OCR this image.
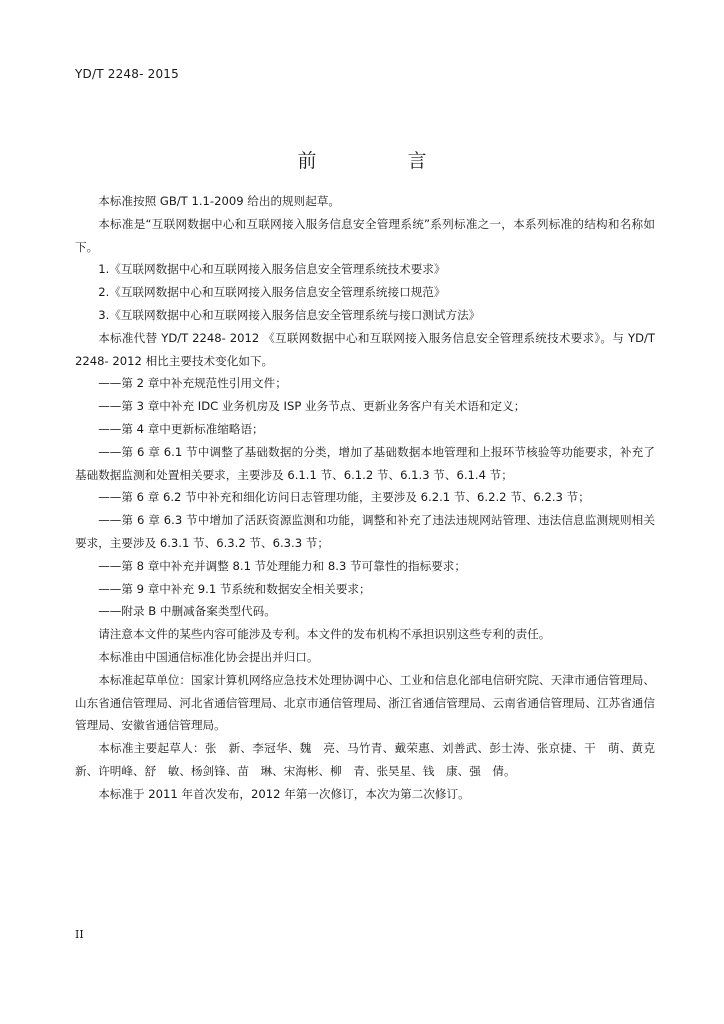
YD/T 2248- 2015
前　言

本标准按照 GB/T 1.1-2009 给出的规则起草。

本标准是“互联网数据中心和互联网接入服务信息安全管理系统”系列标准之一，本系列标准的结构和名称如下。

1.《互联网数据中心和互联网接入服务信息安全管理系统技术要求》

2.《互联网数据中心和互联网接入服务信息安全管理系统接口规范》

3.《互联网数据中心和互联网接入服务信息安全管理系统与接口测试方法》

本标准代替 YD/T 2248- 2012 《互联网数据中心和互联网接入服务信息安全管理系统技术要求》。与 YD/T 2248- 2012 相比主要技术变化如下。

——第 2 章中补充规范性引用文件；

——第 3 章中补充 IDC 业务机房及 ISP 业务节点、更新业务客户有关术语和定义；

——第 4 章中更新标准缩略语；

——第 6 章 6.1 节中调整了基础数据的分类，增加了基础数据本地管理和上报环节核验等功能要求，补充了基础数据监测和处置相关要求，主要涉及 6.1.1 节、6.1.2 节、6.1.3 节、6.1.4 节；

——第 6 章 6.2 节中补充和细化访问日志管理功能，主要涉及 6.2.1 节、6.2.2 节、6.2.3 节；

——第 6 章 6.3 节中增加了活跃资源监测和功能，调整和补充了违法违规网站管理、违法信息监测规则相关要求，主要涉及 6.3.1 节、6.3.2 节、6.3.3 节；

——第 8 章中补充并调整 8.1 节处理能力和 8.3 节可靠性的指标要求；

——第 9 章中补充 9.1 节系统和数据安全相关要求；

——附录 B 中删减备案类型代码。

请注意本文件的某些内容可能涉及专利。本文件的发布机构不承担识别这些专利的责任。

本标准由中国通信标准化协会提出并归口。

本标准起草单位：国家计算机网络应急技术处理协调中心、工业和信息化部电信研究院、天津市通信管理局、山东省通信管理局、河北省通信管理局、北京市通信管理局、浙江省通信管理局、云南省通信管理局、江苏省通信管理局、安徽省通信管理局。

本标准主要起草人：张　新、李冠华、魏　亮、马竹青、戴荣惠、刘善武、彭士涛、张京捷、干　萌、黄克新、许明峰、舒　敏、杨剑锋、苗　琳、宋海彬、柳　青、张昊星、钱　康、强　倩。

本标准于 2011 年首次发布，2012 年第一次修订，本次为第二次修订。

II
